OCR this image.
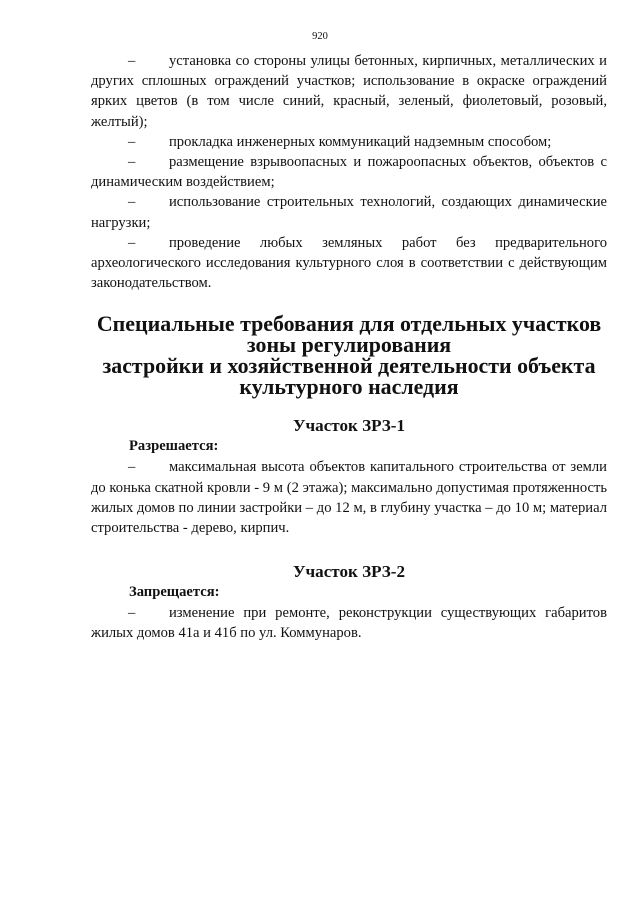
920

– установка со стороны улицы бетонных, кирпичных, металлических и других сплошных ограждений участков; использование в окраске ограждений ярких цветов (в том числе синий, красный, зеленый, фиолетовый, розовый, желтый);

– прокладка инженерных коммуникаций надземным способом;

– размещение взрывоопасных и пожароопасных объектов, объектов с динамическим воздействием;

– использование строительных технологий, создающих динамические нагрузки;

– проведение любых земляных работ без предварительного археологического исследования культурного слоя в соответствии с действующим законодательством.

Специальные требования для отдельных участков зоны регулирования
застройки и хозяйственной деятельности объекта культурного наследия
Участок ЗРЗ-1

Разрешается:

– максимальная высота объектов капитального строительства от земли до конька скатной кровли - 9 м (2 этажа); максимально допустимая протяженность жилых домов по линии застройки – до 12 м, в глубину участка – до 10 м; материал строительства - дерево, кирпич.

Участок ЗРЗ-2

Запрещается:

– изменение при ремонте, реконструкции существующих габаритов жилых домов 41а и 41б по ул. Коммунаров.
